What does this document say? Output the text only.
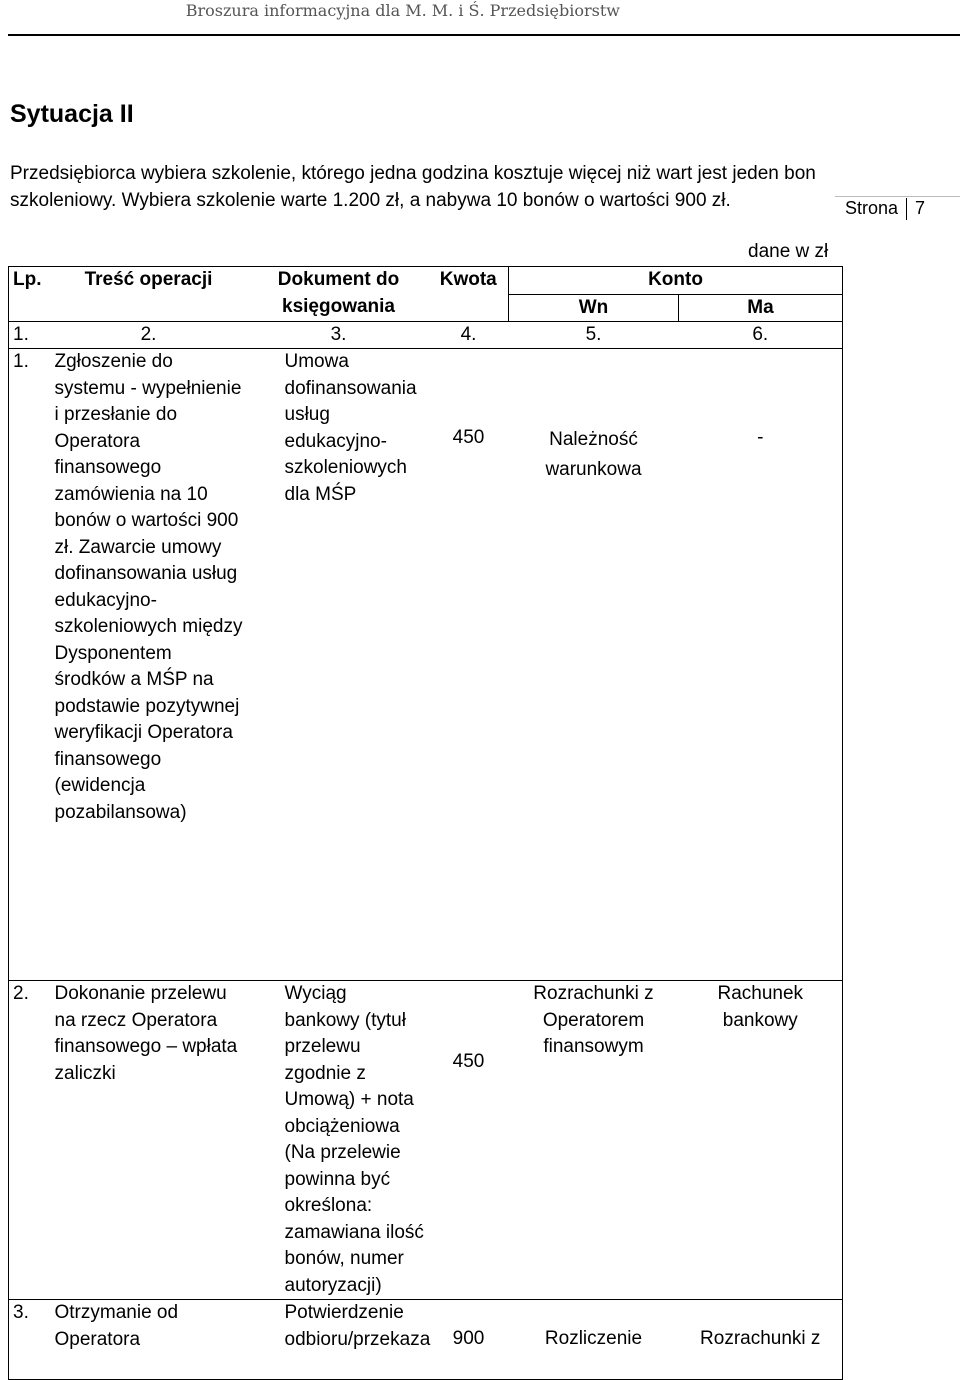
Broszura informacyjna dla M. M. i Ś. Przedsiębiorstw
Sytuacja II

Przedsiębiorca wybiera szkolenie, którego jedna godzina kosztuje więcej niż wart jest jeden bon szkoleniowy. Wybiera szkolenie warte 1.200 zł, a nabywa 10 bonów o wartości 900 zł.	Strona 7
dane w zł
Lp.	Treść operacji	Dokument do księgowania	Kwota	Konto	
				Wn	Ma
1.	2.	3.	4.	5.	6.
1.	Zgłoszenie do systemu - wypełnienie i przesłanie do Operatora finansowego zamówienia na 10 bonów o wartości 900 zł. Zawarcie umowy dofinansowania usług edukacyjno-szkoleniowych między Dysponentem środków a MŚP na podstawie pozytywnej weryfikacji Operatora finansowego (ewidencja pozabilansowa)	Umowa dofinansowania usług edukacyjno-szkoleniowych dla MŚP	450	Należność warunkowa	-
2.	Dokonanie przelewu na rzecz Operatora finansowego – wpłata zaliczki	Wyciąg bankowy (tytuł przelewu zgodnie z Umową) + nota obciążeniowa (Na przelewie powinna być określona: zamawiana ilość bonów, numer autoryzacji)	450	Rozrachunki z Operatorem finansowym	Rachunek bankowy
3.	Otrzymanie od Operatora	Potwierdzenie odbioru/przekaza	900	Rozliczenie	Rozrachunki z
